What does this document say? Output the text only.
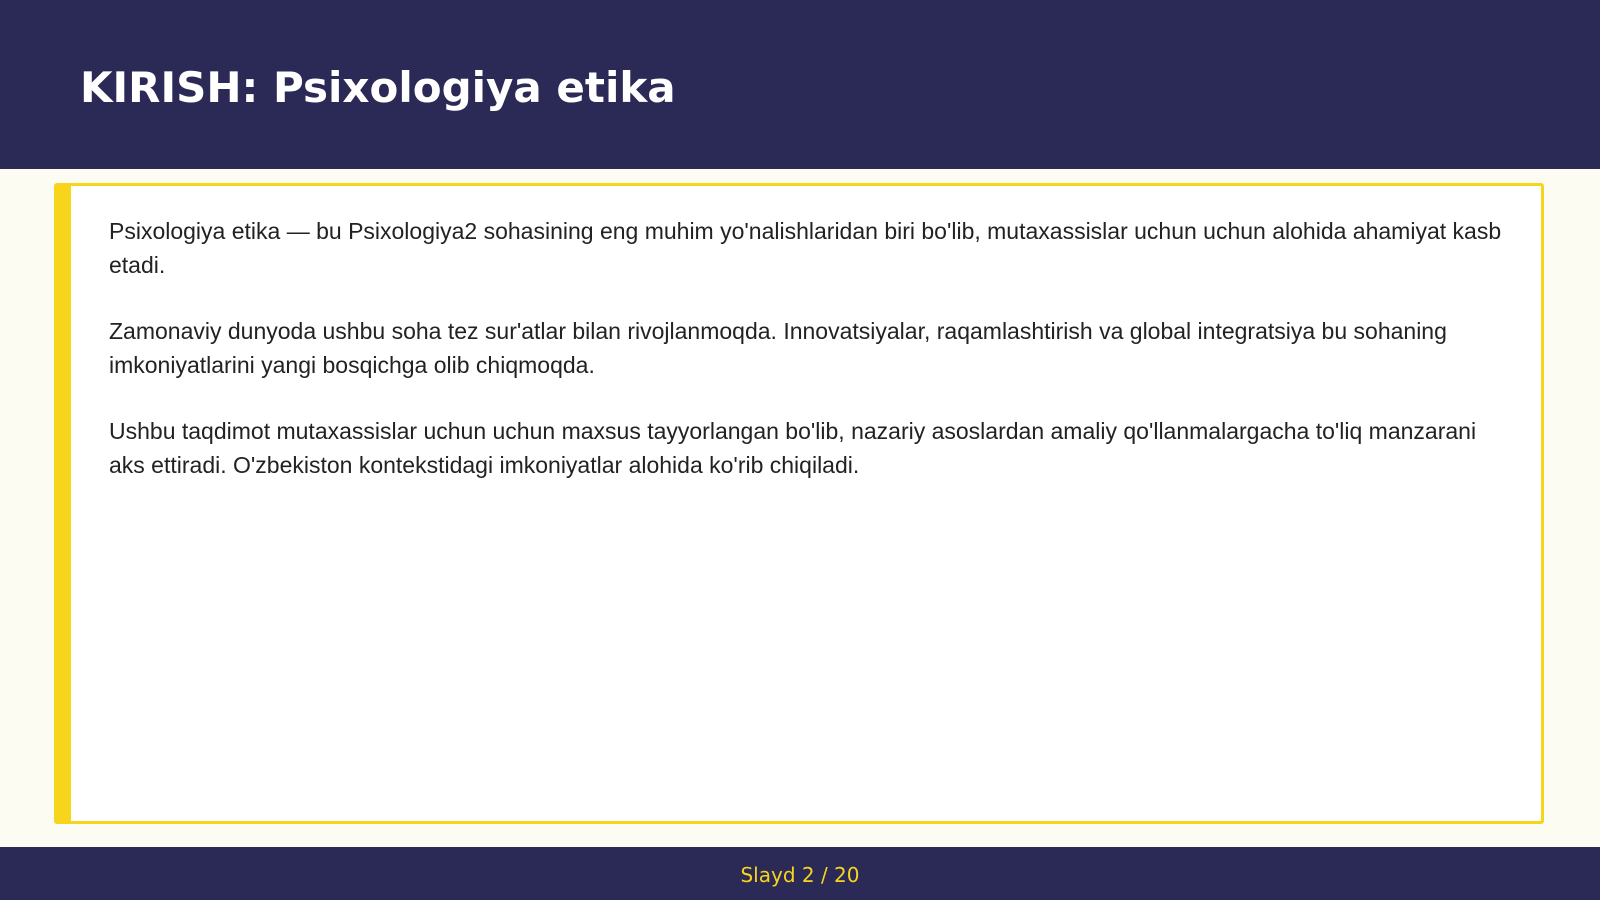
KIRISH: Psixologiya etika

Psixologiya etika — bu Psixologiya2 sohasining eng muhim yo'nalishlaridan biri bo'lib, mutaxassislar uchun uchun alohida ahamiyat kasb etadi.

Zamonaviy dunyoda ushbu soha tez sur'atlar bilan rivojlanmoqda. Innovatsiyalar, raqamlashtirish va global integratsiya bu sohaning imkoniyatlarini yangi bosqichga olib chiqmoqda.

Ushbu taqdimot mutaxassislar uchun uchun maxsus tayyorlangan bo'lib, nazariy asoslardan amaliy qo'llanmalargacha to'liq manzarani aks ettiradi. O'zbekiston kontekstidagi imkoniyatlar alohida ko'rib chiqiladi.

Slayd 2 / 20
